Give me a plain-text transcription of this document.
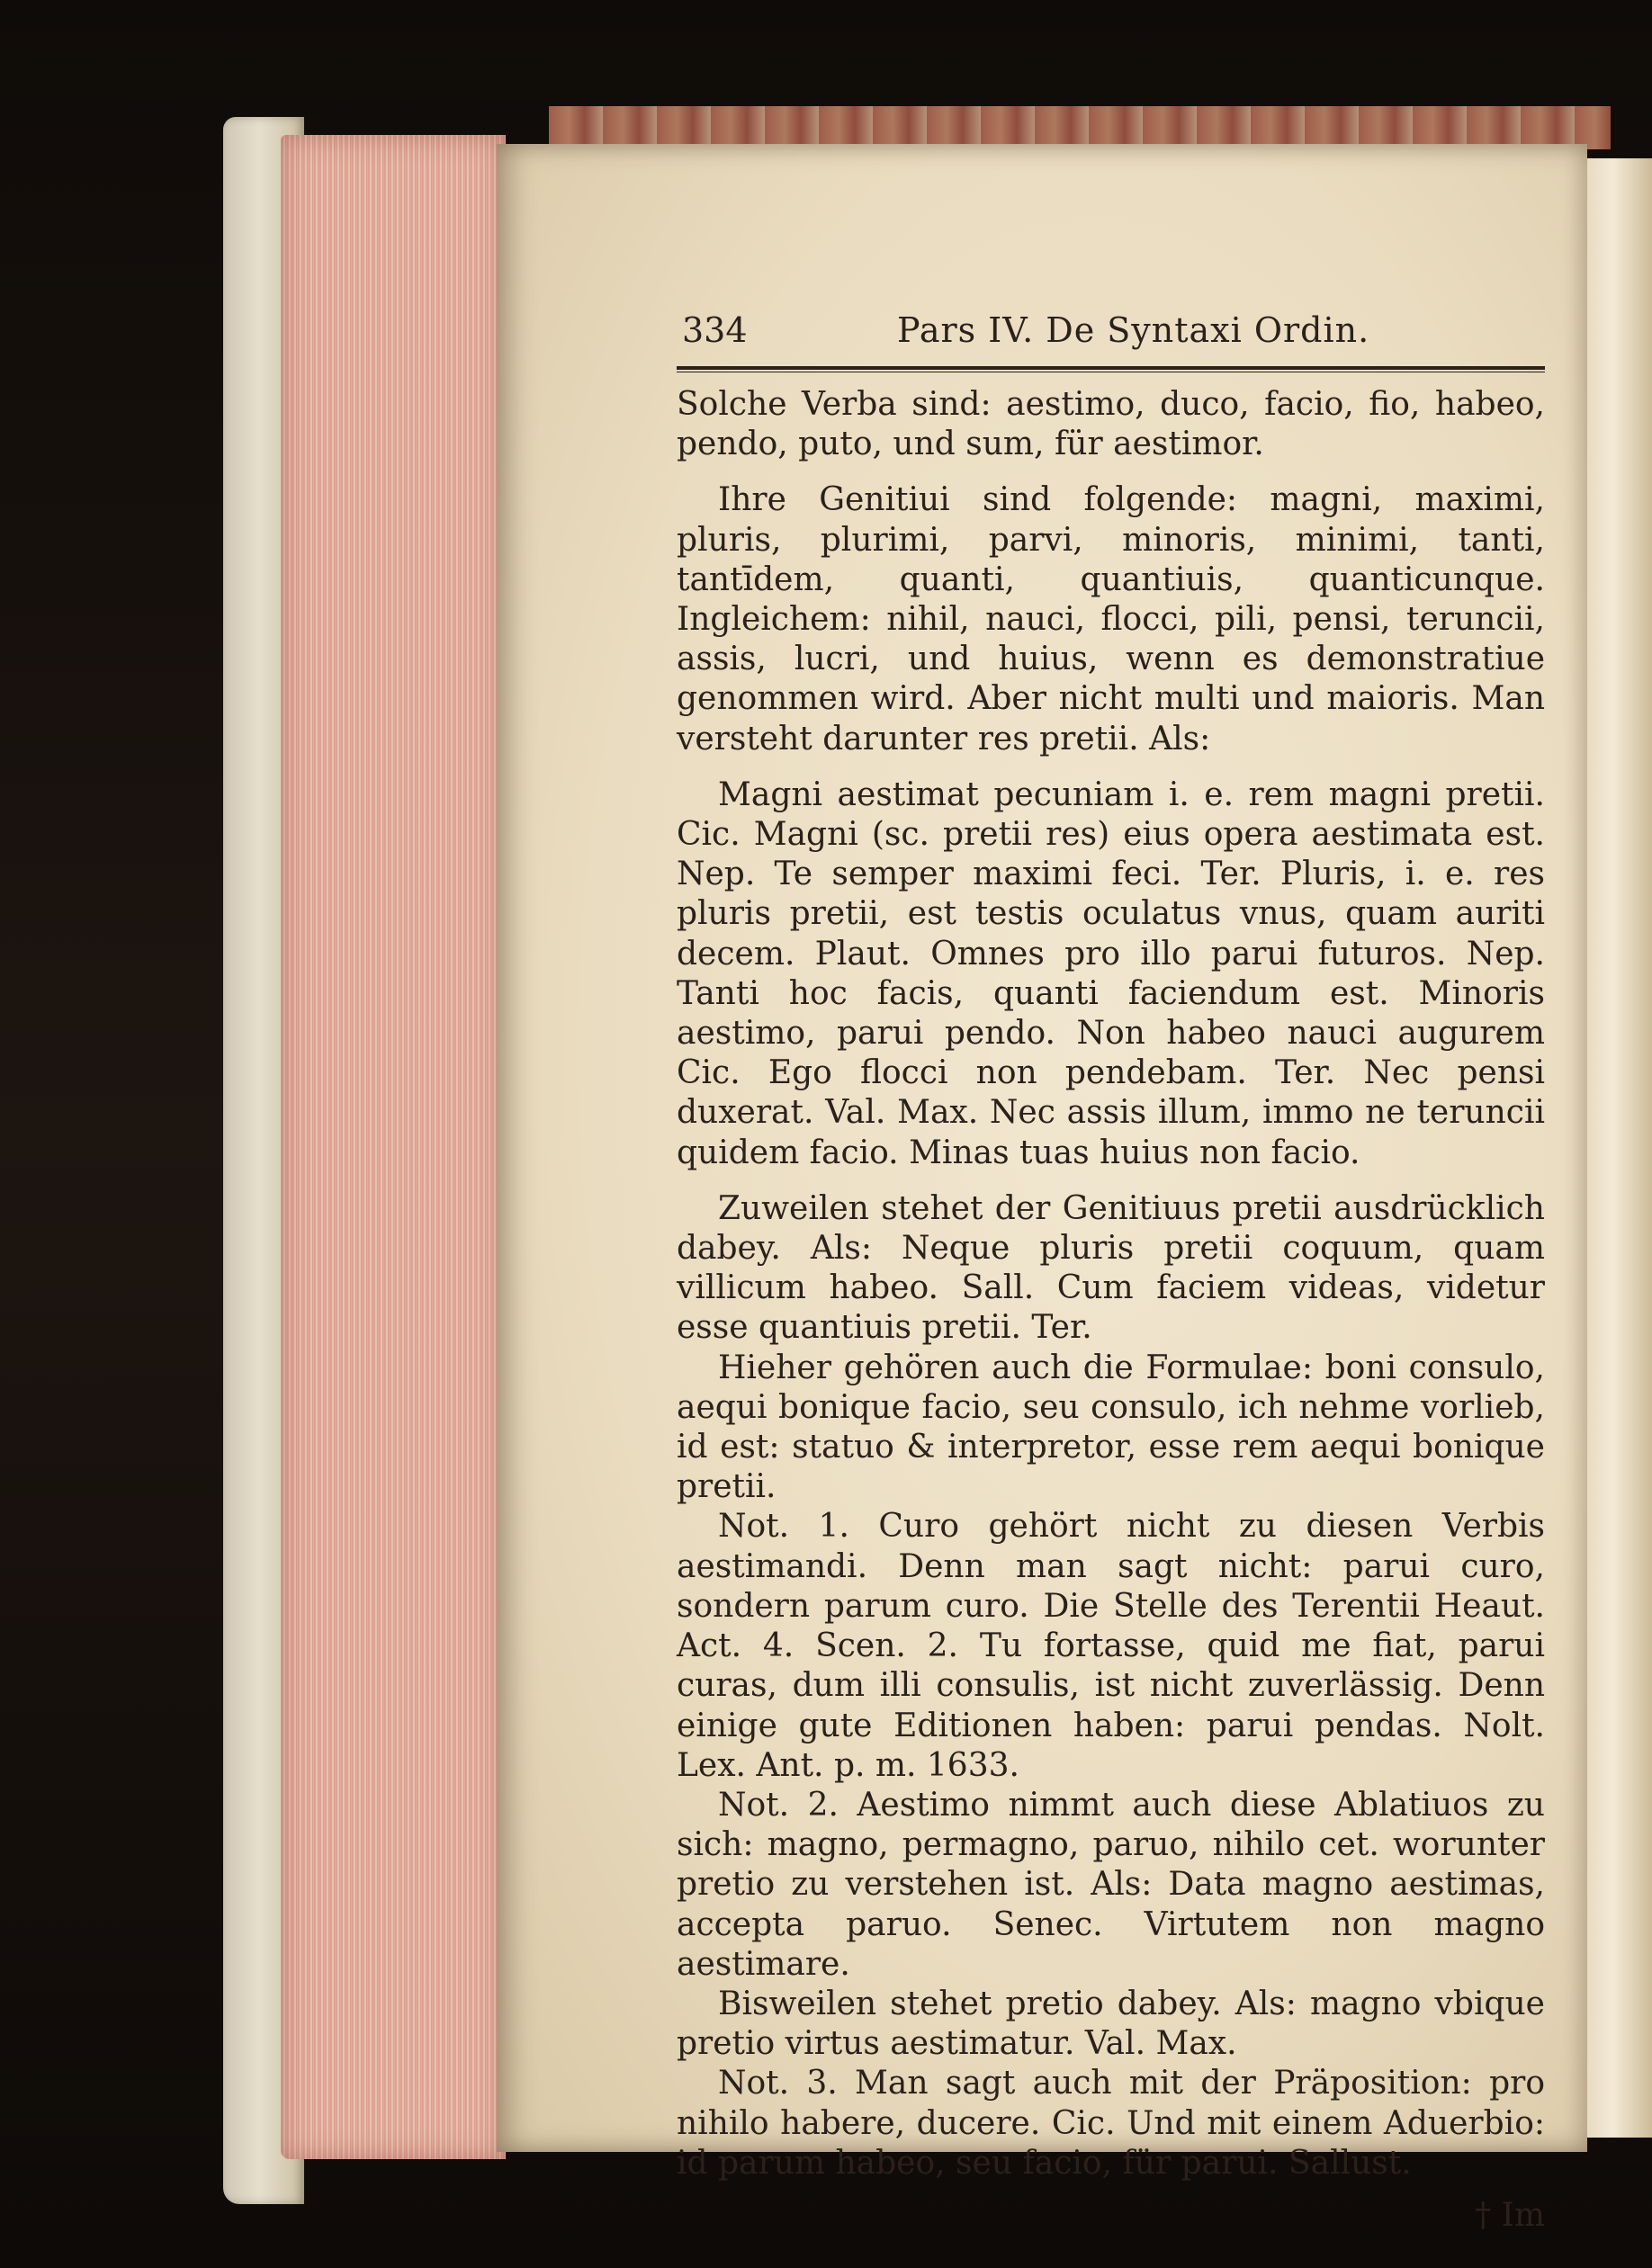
334	Pars IV. De Syntaxi Ordin.

Solche Verba sind: aestimo, duco, facio, fio, habeo, pendo, puto, und sum, für aestimor.

Ihre Genitiui sind folgende: magni, maximi, pluris, plurimi, parvi, minoris, minimi, tanti, tantīdem, quanti, quantiuis, quanticunque. Ingleichem: nihil, nauci, flocci, pili, pensi, teruncii, assis, lucri, und huius, wenn es demonstratiue genommen wird. Aber nicht multi und maioris. Man versteht darunter res pretii. Als:

Magni aestimat pecuniam i. e. rem magni pretii. Cic. Magni (sc. pretii res) eius opera aestimata est. Nep. Te semper maximi feci. Ter. Pluris, i. e. res pluris pretii, est testis oculatus vnus, quam auriti decem. Plaut. Omnes pro illo parui futuros. Nep. Tanti hoc facis, quanti faciendum est. Minoris aestimo, parui pendo. Non habeo nauci augurem Cic. Ego flocci non pendebam. Ter. Nec pensi duxerat. Val. Max. Nec assis illum, immo ne teruncii quidem facio. Minas tuas huius non facio.

Zuweilen stehet der Genitiuus pretii ausdrücklich dabey. Als: Neque pluris pretii coquum, quam villicum habeo. Sall. Cum faciem videas, videtur esse quantiuis pretii. Ter.

Hieher gehören auch die Formulae: boni consulo, aequi bonique facio, seu consulo, ich nehme vorlieb, id est: statuo & interpretor, esse rem aequi bonique pretii.

Not. 1. Curo gehört nicht zu diesen Verbis aestimandi. Denn man sagt nicht: parui curo, sondern parum curo. Die Stelle des Terentii Heaut. Act. 4. Scen. 2. Tu fortasse, quid me fiat, parui curas, dum illi consulis, ist nicht zuverlässig. Denn einige gute Editionen haben: parui pendas. Nolt. Lex. Ant. p. m. 1633.

Not. 2. Aestimo nimmt auch diese Ablatiuos zu sich: magno, permagno, paruo, nihilo cet. worunter pretio zu verstehen ist. Als: Data magno aestimas, accepta paruo. Senec. Virtutem non magno aestimare.

Bisweilen stehet pretio dabey. Als: magno vbique pretio virtus aestimatur. Val. Max.

Not. 3. Man sagt auch mit der Präposition: pro nihilo habere, ducere. Cic. Und mit einem Aduerbio: id parum habeo, seu facio, für parui. Sallust.

† Im
